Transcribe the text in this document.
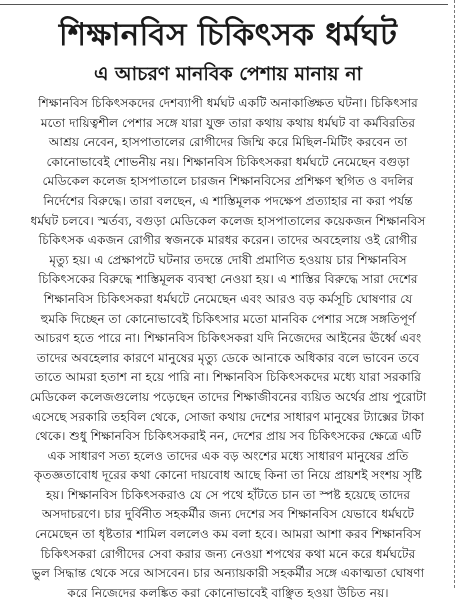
শিক্ষানবিস চিকিৎসক ধর্মঘট
এ আচরণ মানবিক পেশায় মানায় না
শিক্ষানবিস চিকিৎসকদের দেশব্যাপী ধর্মঘট একটি অনাকাঙ্ক্ষিত ঘটনা। চিকিৎসার
মতো দায়িত্বশীল পেশার সঙ্গে যারা যুক্ত তারা কথায় কথায় ধর্মঘট বা কর্মবিরতির
আশ্রয় নেবেন, হাসপাতালের রোগীদের জিম্মি করে মিছিল-মিটিং করবেন তা
কোনোভাবেই শোভনীয় নয়। শিক্ষানবিস চিকিৎসকরা ধর্মঘটে নেমেছেন বগুড়া
মেডিকেল কলেজ হাসপাতালে চারজন শিক্ষানবিসের প্রশিক্ষণ স্থগিত ও বদলির
নির্দেশের বিরুদ্ধে। তারা বলছেন, এ শাস্তিমূলক পদক্ষেপ প্রত্যাহার না করা পর্যন্ত
ধর্মঘট চলবে। স্মর্তব্য, বগুড়া মেডিকেল কলেজ হাসপাতালের কয়েকজন শিক্ষানবিস
চিকিৎসক একজন রোগীর স্বজনকে মারধর করেন। তাদের অবহেলায় ওই রোগীর
মৃত্যু হয়। এ প্রেক্ষাপটে ঘটনার তদন্তে দোষী প্রমাণিত হওয়ায় চার শিক্ষানবিস
চিকিৎসকের বিরুদ্ধে শাস্তিমূলক ব্যবস্থা নেওয়া হয়। এ শাস্তির বিরুদ্ধে সারা দেশের
শিক্ষানবিস চিকিৎসকরা ধর্মঘটে নেমেছেন এবং আরও বড় কর্মসূচি ঘোষণার যে
হুমকি দিচ্ছেন তা কোনোভাবেই চিকিৎসার মতো মানবিক পেশার সঙ্গে সঙ্গতিপূর্ণ
আচরণ হতে পারে না। শিক্ষানবিস চিকিৎসকরা যদি নিজেদের আইনের ঊর্ধ্বে এবং
তাদের অবহেলার কারণে মানুষের মৃত্যু ডেকে আনাকে অধিকার বলে ভাবেন তবে
তাতে আমরা হতাশ না হয়ে পারি না। শিক্ষানবিস চিকিৎসকদের মধ্যে যারা সরকারি
মেডিকেল কলেজগুলোয় পড়েছেন তাদের শিক্ষাজীবনের ব্যয়িত অর্থের প্রায় পুরোটা
এসেছে সরকারি তহবিল থেকে, সোজা কথায় দেশের সাধারণ মানুষের ট্যাক্সের টাকা
থেকে। শুধু শিক্ষানবিস চিকিৎসকরাই নন, দেশের প্রায় সব চিকিৎসকের ক্ষেত্রে এটি
এক সাধারণ সত্য হলেও তাদের এক বড় অংশের মধ্যে সাধারণ মানুষের প্রতি
কৃতজ্ঞতাবোধ দূরের কথা কোনো দায়বোধ আছে কিনা তা নিয়ে প্রায়শই সংশয় সৃষ্টি
হয়। শিক্ষানবিস চিকিৎসকরাও যে সে পথে হাঁটতে চান তা স্পষ্ট হয়েছে তাদের
অসদাচরণে। চার দুর্বিনীত সহকর্মীর জন্য দেশের সব শিক্ষানবিস যেভাবে ধর্মঘটে
নেমেছেন তা ধৃষ্টতার শামিল বললেও কম বলা হবে। আমরা আশা করব শিক্ষানবিস
চিকিৎসকরা রোগীদের সেবা করার জন্য নেওয়া শপথের কথা মনে করে ধর্মঘটের
ভুল সিদ্ধান্ত থেকে সরে আসবেন। চার অন্যায়কারী সহকর্মীর সঙ্গে একাত্মতা ঘোষণা
করে নিজেদের কলঙ্কিত করা কোনোভাবেই বাঞ্ছিত হওয়া উচিত নয়।
